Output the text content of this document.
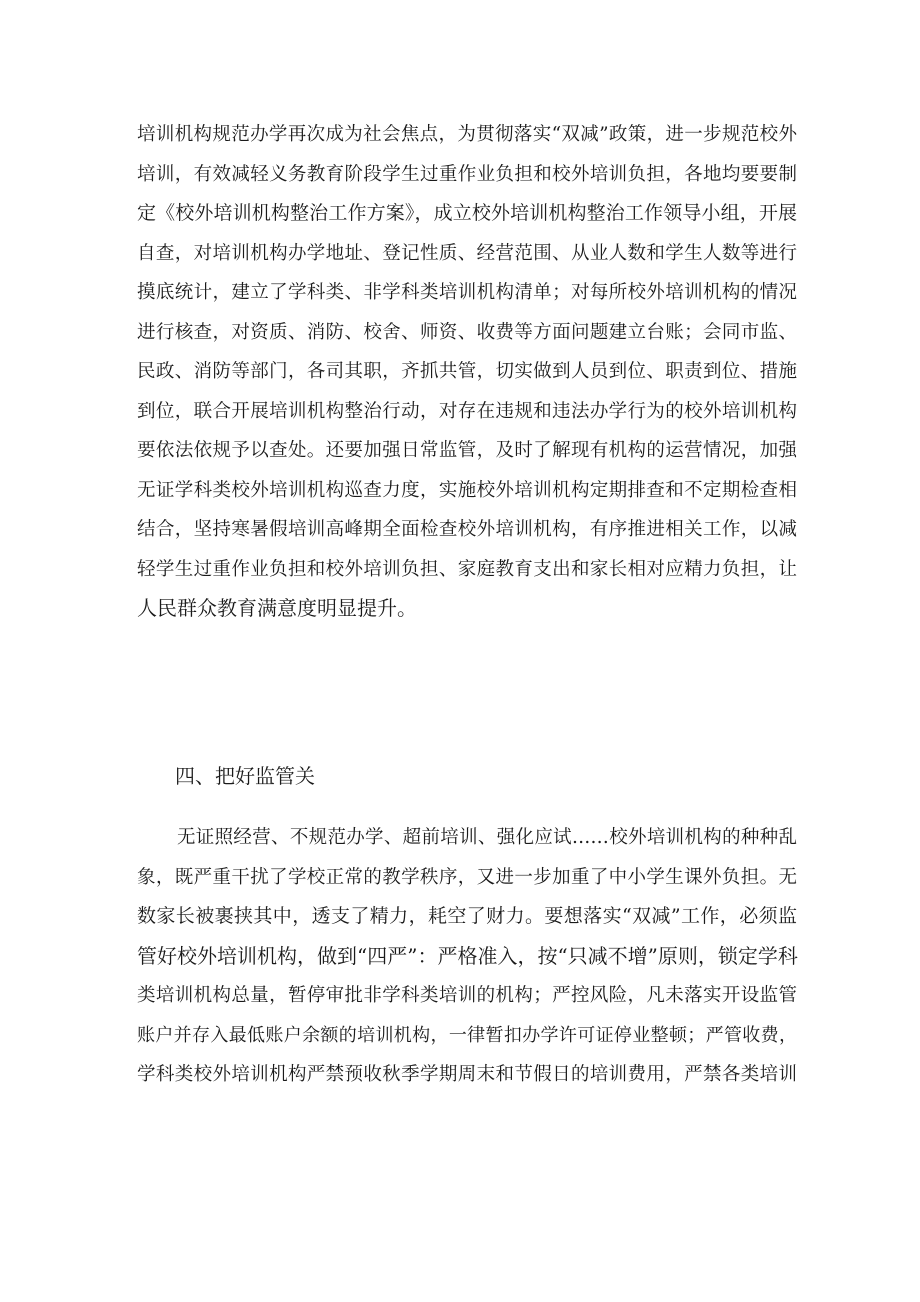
培训机构规范办学再次成为社会焦点，为贯彻落实“双减”政策，进一步规范校外
培训，有效减轻义务教育阶段学生过重作业负担和校外培训负担，各地均要要制
定《校外培训机构整治工作方案》，成立校外培训机构整治工作领导小组，开展
自查，对培训机构办学地址、登记性质、经营范围、从业人数和学生人数等进行
摸底统计，建立了学科类、非学科类培训机构清单；对每所校外培训机构的情况
进行核查，对资质、消防、校舍、师资、收费等方面问题建立台账；会同市监、
民政、消防等部门，各司其职，齐抓共管，切实做到人员到位、职责到位、措施
到位，联合开展培训机构整治行动，对存在违规和违法办学行为的校外培训机构
要依法依规予以查处。还要加强日常监管，及时了解现有机构的运营情况，加强
无证学科类校外培训机构巡查力度，实施校外培训机构定期排查和不定期检查相
结合，坚持寒暑假培训高峰期全面检查校外培训机构，有序推进相关工作，以减
轻学生过重作业负担和校外培训负担、家庭教育支出和家长相对应精力负担，让
人民群众教育满意度明显提升。

四、把好监管关

无证照经营、不规范办学、超前培训、强化应试……校外培训机构的种种乱
象，既严重干扰了学校正常的教学秩序，又进一步加重了中小学生课外负担。无
数家长被裹挟其中，透支了精力，耗空了财力。要想落实“双减”工作，必须监
管好校外培训机构，做到“四严”：严格准入，按“只减不增”原则，锁定学科
类培训机构总量，暂停审批非学科类培训的机构；严控风险，凡未落实开设监管
账户并存入最低账户余额的培训机构，一律暂扣办学许可证停业整顿；严管收费，
学科类校外培训机构严禁预收秋季学期周末和节假日的培训费用，严禁各类培训
